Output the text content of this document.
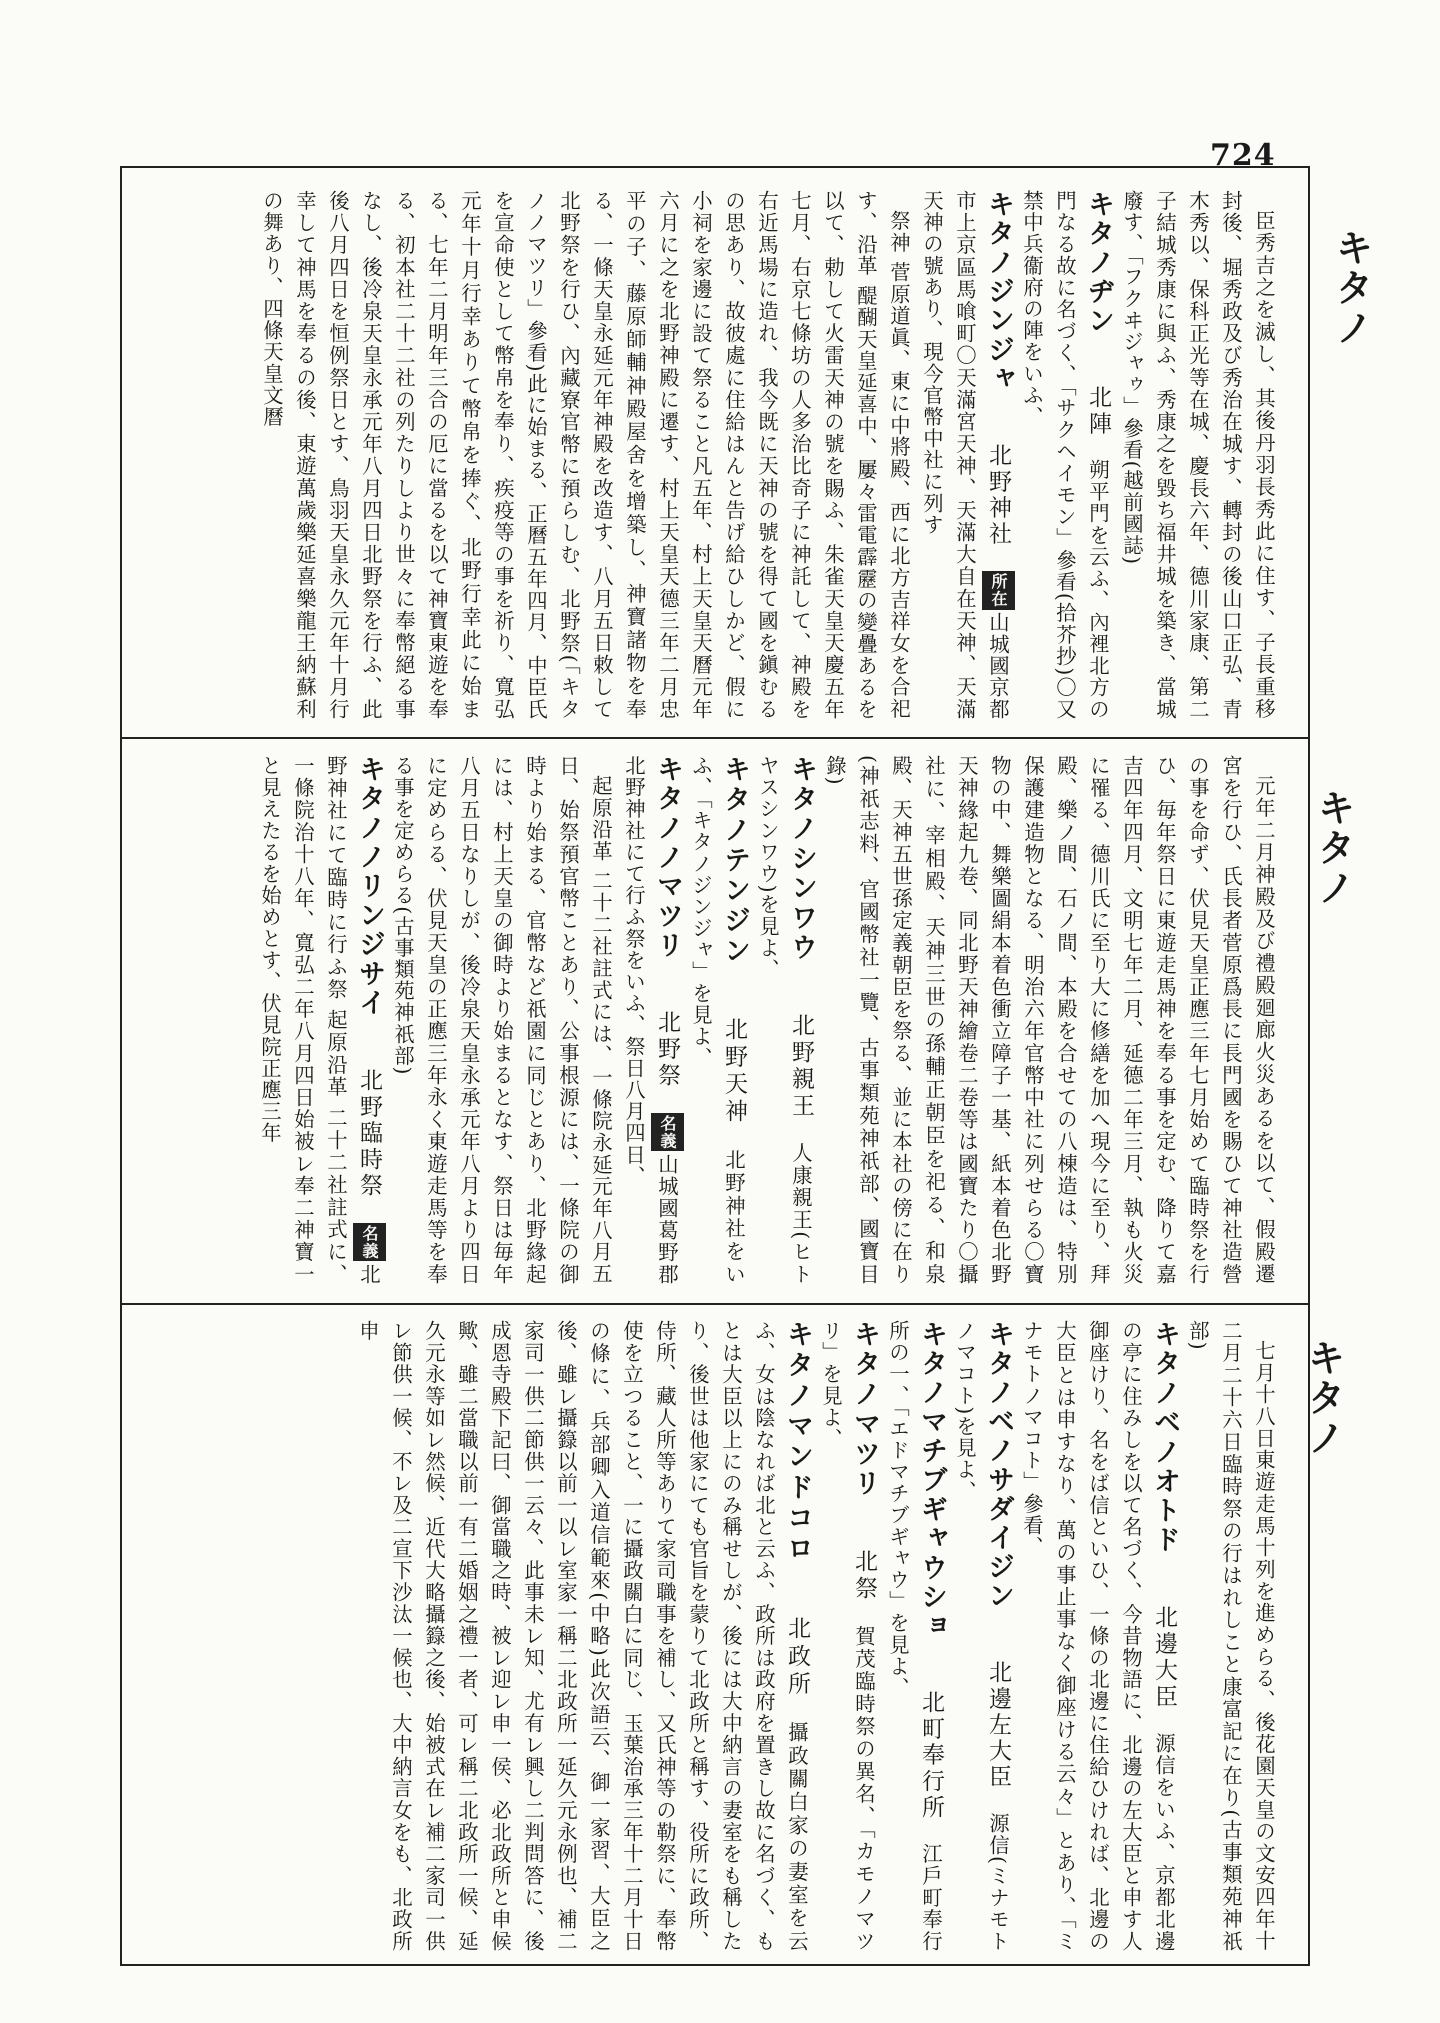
724
キタノ
キタノ
キタノ

臣秀吉之を滅し、其後丹羽長秀此に住す、子長重移封後、堀秀政及び秀治在城す、轉封の後山口正弘、青木秀以、保科正光等在城、慶長六年、德川家康、第二子結城秀康に與ふ、秀康之を毀ち福井城を築き、當城廢す、「フクヰジャゥ」參看(越前國誌)

キタノヂン　北陣　朔平門を云ふ、內裡北方の門なる故に名づく、「サクヘイモン」參看(拾芥抄)〇又禁中兵衞府の陣をいふ、

キタノジンジャ　北野神社　所在山城國京都市上京區馬喰町〇天滿宮天神、天滿大自在天神、天滿天神の號あり、現今官幣中社に列す

祭神 菅原道眞、東に中將殿、西に北方吉祥女を合祀す、沿革 醍醐天皇延喜中、屢々雷電霹靂の變疊あるを以て、勅して火雷天神の號を賜ふ、朱雀天皇天慶五年七月、右京七條坊の人多治比奇子に神託して、神殿を右近馬場に造れ、我今既に天神の號を得て國を鎭むるの思あり、故彼處に住給はんと告げ給ひしかど、假に小祠を家邊に設て祭ること凡五年、村上天皇天曆元年六月に之を北野神殿に遷す、村上天皇天德三年二月忠平の子、藤原師輔神殿屋舍を增築し、神寶諸物を奉る、一條天皇永延元年神殿を改造す、八月五日敕して北野祭を行ひ、內藏寮官幣に預らしむ、北野祭(「キタノノマツリ」參看)此に始まる、正曆五年四月、中臣氏を宣命使として幣帛を奉り、疾疫等の事を祈り、寬弘元年十月行幸ありて幣帛を捧ぐ、北野行幸此に始まる、七年二月明年三合の厄に當るを以て神寶東遊を奉る、初本社二十二社の列たりしより世々に奉幣絕る事なし、後冷泉天皇永承元年八月四日北野祭を行ふ、此後八月四日を恒例祭日とす、鳥羽天皇永久元年十月行幸して神馬を奉るの後、東遊萬歲樂延喜樂龍王納蘇利の舞あり、四條天皇文曆

元年二月神殿及び禮殿廻廊火災あるを以て、假殿遷宮を行ひ、氏長者菅原爲長に長門國を賜ひて神社造營の事を命ず、伏見天皇正應三年七月始めて臨時祭を行ひ、毎年祭日に東遊走馬神を奉る事を定む、降りて嘉吉四年四月、文明七年二月、延德二年三月、執も火災に罹る、德川氏に至り大に修繕を加へ現今に至り、拜殿、樂ノ間、石ノ間、本殿を合せての八棟造は、特別保護建造物となる、明治六年官幣中社に列せらる〇寶物の中、舞樂圖絹本着色衝立障子一基、紙本着色北野天神緣起九卷、同北野天神繪卷二卷等は國寶たり〇攝社に、宰相殿、天神三世の孫輔正朝臣を祀る、和泉殿、天神五世孫定義朝臣を祭る、並に本社の傍に在り(神祇志料、官國幣社一覽、古事類苑神祇部、國寶目錄)

キタノシンワウ　北野親王　人康親王(ヒトヤスシンワウ)を見よ、

キタノテンジン　北野天神　北野神社をいふ、「キタノジンジャ」を見よ、

キタノノマツリ　北野祭　名義山城國葛野郡北野神社にて行ふ祭をいふ、祭日八月四日、

起原沿革 二十二社註式には、一條院永延元年八月五日、始祭預官幣ことあり、公事根源には、一條院の御時より始まる、官幣など祇園に同じとあり、北野緣起には、村上天皇の御時より始まるとなす、祭日は毎年八月五日なりしが、後冷泉天皇永承元年八月より四日に定めらる、伏見天皇の正應三年永く東遊走馬等を奉る事を定めらる(古事類苑神祇部)

キタノノリンジサイ　北野臨時祭　名義北野神社にて臨時に行ふ祭 起原沿革 二十二社註式に、一條院治十八年、寬弘二年八月四日始被レ奉二神寶一と見えたるを始めとす、伏見院正應三年

七月十八日東遊走馬十列を進めらる、後花園天皇の文安四年十二月二十六日臨時祭の行はれしこと康富記に在り(古事類苑神祇部)

キタノベノオトド　北邊大臣　源信をいふ、京都北邊の亭に住みしを以て名づく、今昔物語に、北邊の左大臣と申す人御座けり、名をば信といひ、一條の北邊に住給ひければ、北邊の大臣とは申すなり、萬の事止事なく御座ける云々」とあり、「ミナモトノマコト」參看、

キタノベノサダイジン　北邊左大臣　源信(ミナモトノマコト)を見よ、

キタノマチブギャウショ　北町奉行所　江戶町奉行所の一、「エドマチブギャウ」を見よ、

キタノマツリ　北祭　賀茂臨時祭の異名、「カモノマツリ」を見よ、

キタノマンドコロ　北政所　攝政關白家の妻室を云ふ、女は陰なれば北と云ふ、政所は政府を置きし故に名づく、もとは大臣以上にのみ稱せしが、後には大中納言の妻室をも稱したり、後世は他家にても官旨を蒙りて北政所と稱す、役所に政所、侍所、藏人所等ありて家司職事を補し、又氏神等の勒祭に、奉幣使を立つること、一に攝政關白に同じ、玉葉治承三年十二月十日の條に、兵部卿入道信範來(中略)此次語云、御一家習、大臣之後、雖レ攝籙以前一以レ室家一稱二北政所一延久元永例也、補二家司一供二節供一云々、此事未レ知、尤有レ興し二判問答に、後成恩寺殿下記曰、御當職之時、被レ迎レ申一侯、必北政所と申候歟、雖二當職以前一有二婚姻之禮一者、可レ稱二北政所一候、延久元永等如レ然候、近代大略攝籙之後、始被式在レ補二家司一供レ節供一候、不レ及二宣下沙汰一候也、大中納言女をも、北政所申
